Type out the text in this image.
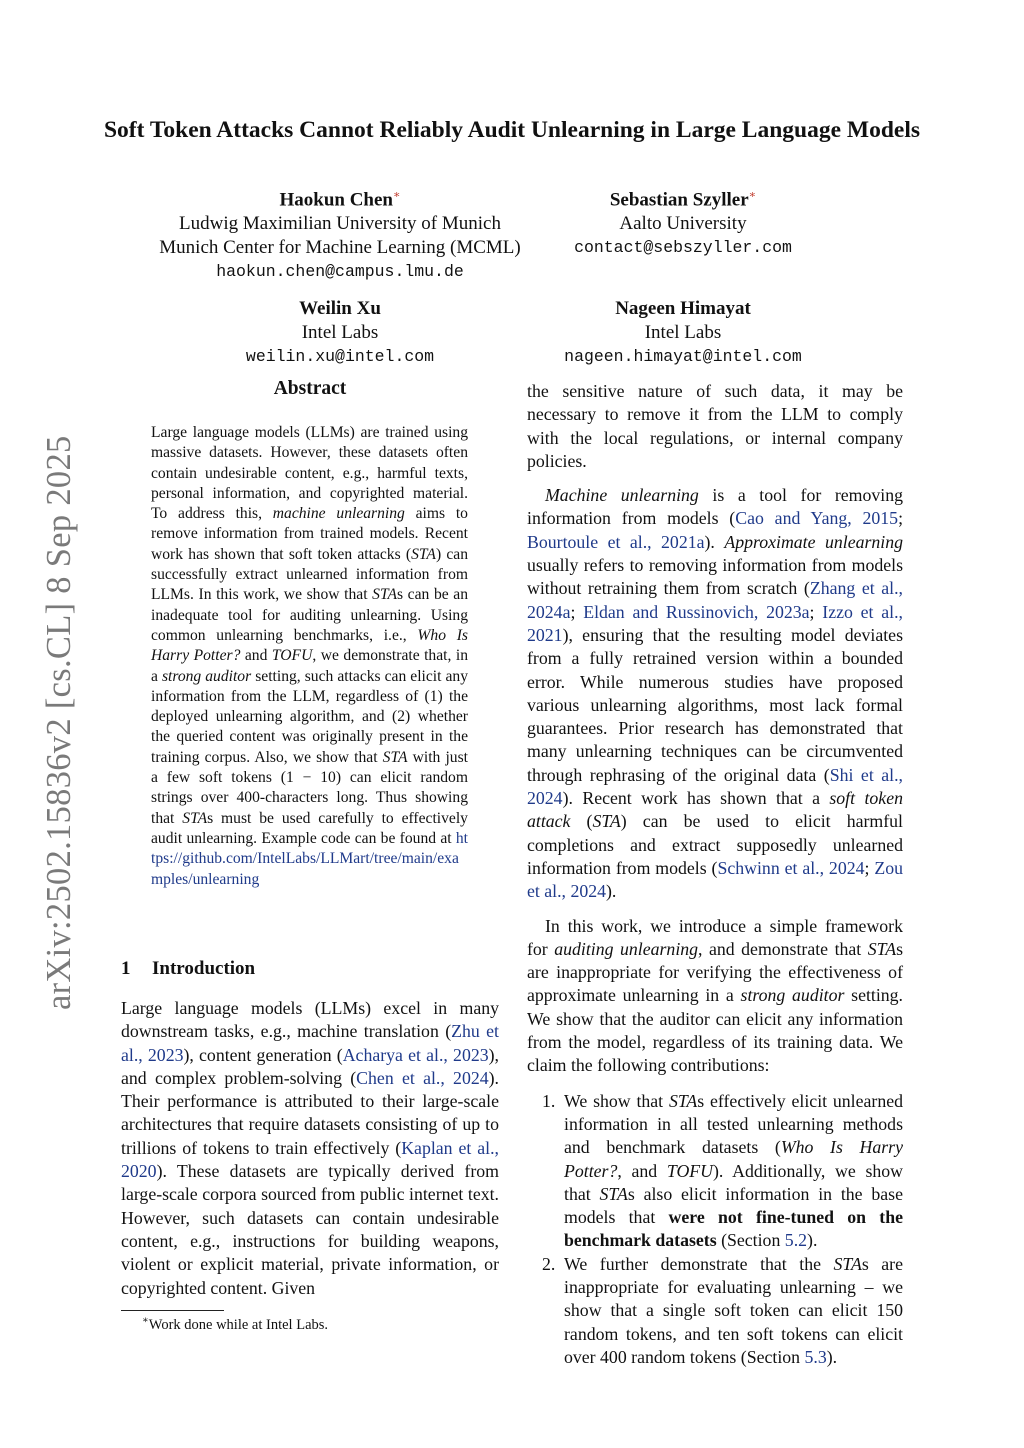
arXiv:2502.15836v2 [cs.CL] 8 Sep 2025
Soft Token Attacks Cannot Reliably Audit Unlearning in Large Language Models
Haokun Chen∗
Ludwig Maximilian University of Munich
Munich Center for Machine Learning (MCML)
haokun.chen@campus.lmu.de
Sebastian Szyller∗
Aalto University
contact@sebszyller.com
Weilin Xu
Intel Labs
weilin.xu@intel.com
Nageen Himayat
Intel Labs
nageen.himayat@intel.com
Abstract
Large language models (LLMs) are trained using massive datasets. However, these datasets often contain undesirable content, e.g., harmful texts, personal information, and copyrighted material. To address this, machine unlearning aims to remove information from trained models. Recent work has shown that soft token attacks (STA) can successfully extract unlearned information from LLMs. In this work, we show that STAs can be an inadequate tool for auditing unlearning. Using common unlearning benchmarks, i.e., Who Is Harry Potter? and TOFU, we demonstrate that, in a strong auditor setting, such attacks can elicit any information from the LLM, regardless of (1) the deployed unlearning algorithm, and (2) whether the queried content was originally present in the training corpus. Also, we show that STA with just a few soft tokens (1 − 10) can elicit random strings over 400-characters long. Thus showing that STAs must be used carefully to effectively audit unlearning. Example code can be found at https://github.com/IntelLabs/LLMart/tree/main/examples/unlearning
1 Introduction
Large language models (LLMs) excel in many downstream tasks, e.g., machine translation (Zhu et al., 2023), content generation (Acharya et al., 2023), and complex problem-solving (Chen et al., 2024). Their performance is attributed to their large-scale architectures that require datasets consisting of up to trillions of tokens to train effectively (Kaplan et al., 2020). These datasets are typically derived from large-scale corpora sourced from public internet text. However, such datasets can contain undesirable content, e.g., instructions for building weapons, violent or explicit material, private information, or copyrighted content. Given

the sensitive nature of such data, it may be necessary to remove it from the LLM to comply with the local regulations, or internal company policies.

Machine unlearning is a tool for removing information from models (Cao and Yang, 2015; Bourtoule et al., 2021a). Approximate unlearning usually refers to removing information from models without retraining them from scratch (Zhang et al., 2024a; Eldan and Russinovich, 2023a; Izzo et al., 2021), ensuring that the resulting model deviates from a fully retrained version within a bounded error. While numerous studies have proposed various unlearning algorithms, most lack formal guarantees. Prior research has demonstrated that many unlearning techniques can be circumvented through rephrasing of the original data (Shi et al., 2024). Recent work has shown that a soft token attack (STA) can be used to elicit harmful completions and extract supposedly unlearned information from models (Schwinn et al., 2024; Zou et al., 2024).

In this work, we introduce a simple framework for auditing unlearning, and demonstrate that STAs are inappropriate for verifying the effectiveness of approximate unlearning in a strong auditor setting. We show that the auditor can elicit any information from the model, regardless of its training data. We claim the following contributions:

1. We show that STAs effectively elicit unlearned information in all tested unlearning methods and benchmark datasets (Who Is Harry Potter?, and TOFU). Additionally, we show that STAs also elicit information in the base models that were not fine-tuned on the benchmark datasets (Section 5.2).
2. We further demonstrate that the STAs are inappropriate for evaluating unlearning – we show that a single soft token can elicit 150 random tokens, and ten soft tokens can elicit over 400 random tokens (Section 5.3).
∗Work done while at Intel Labs.
